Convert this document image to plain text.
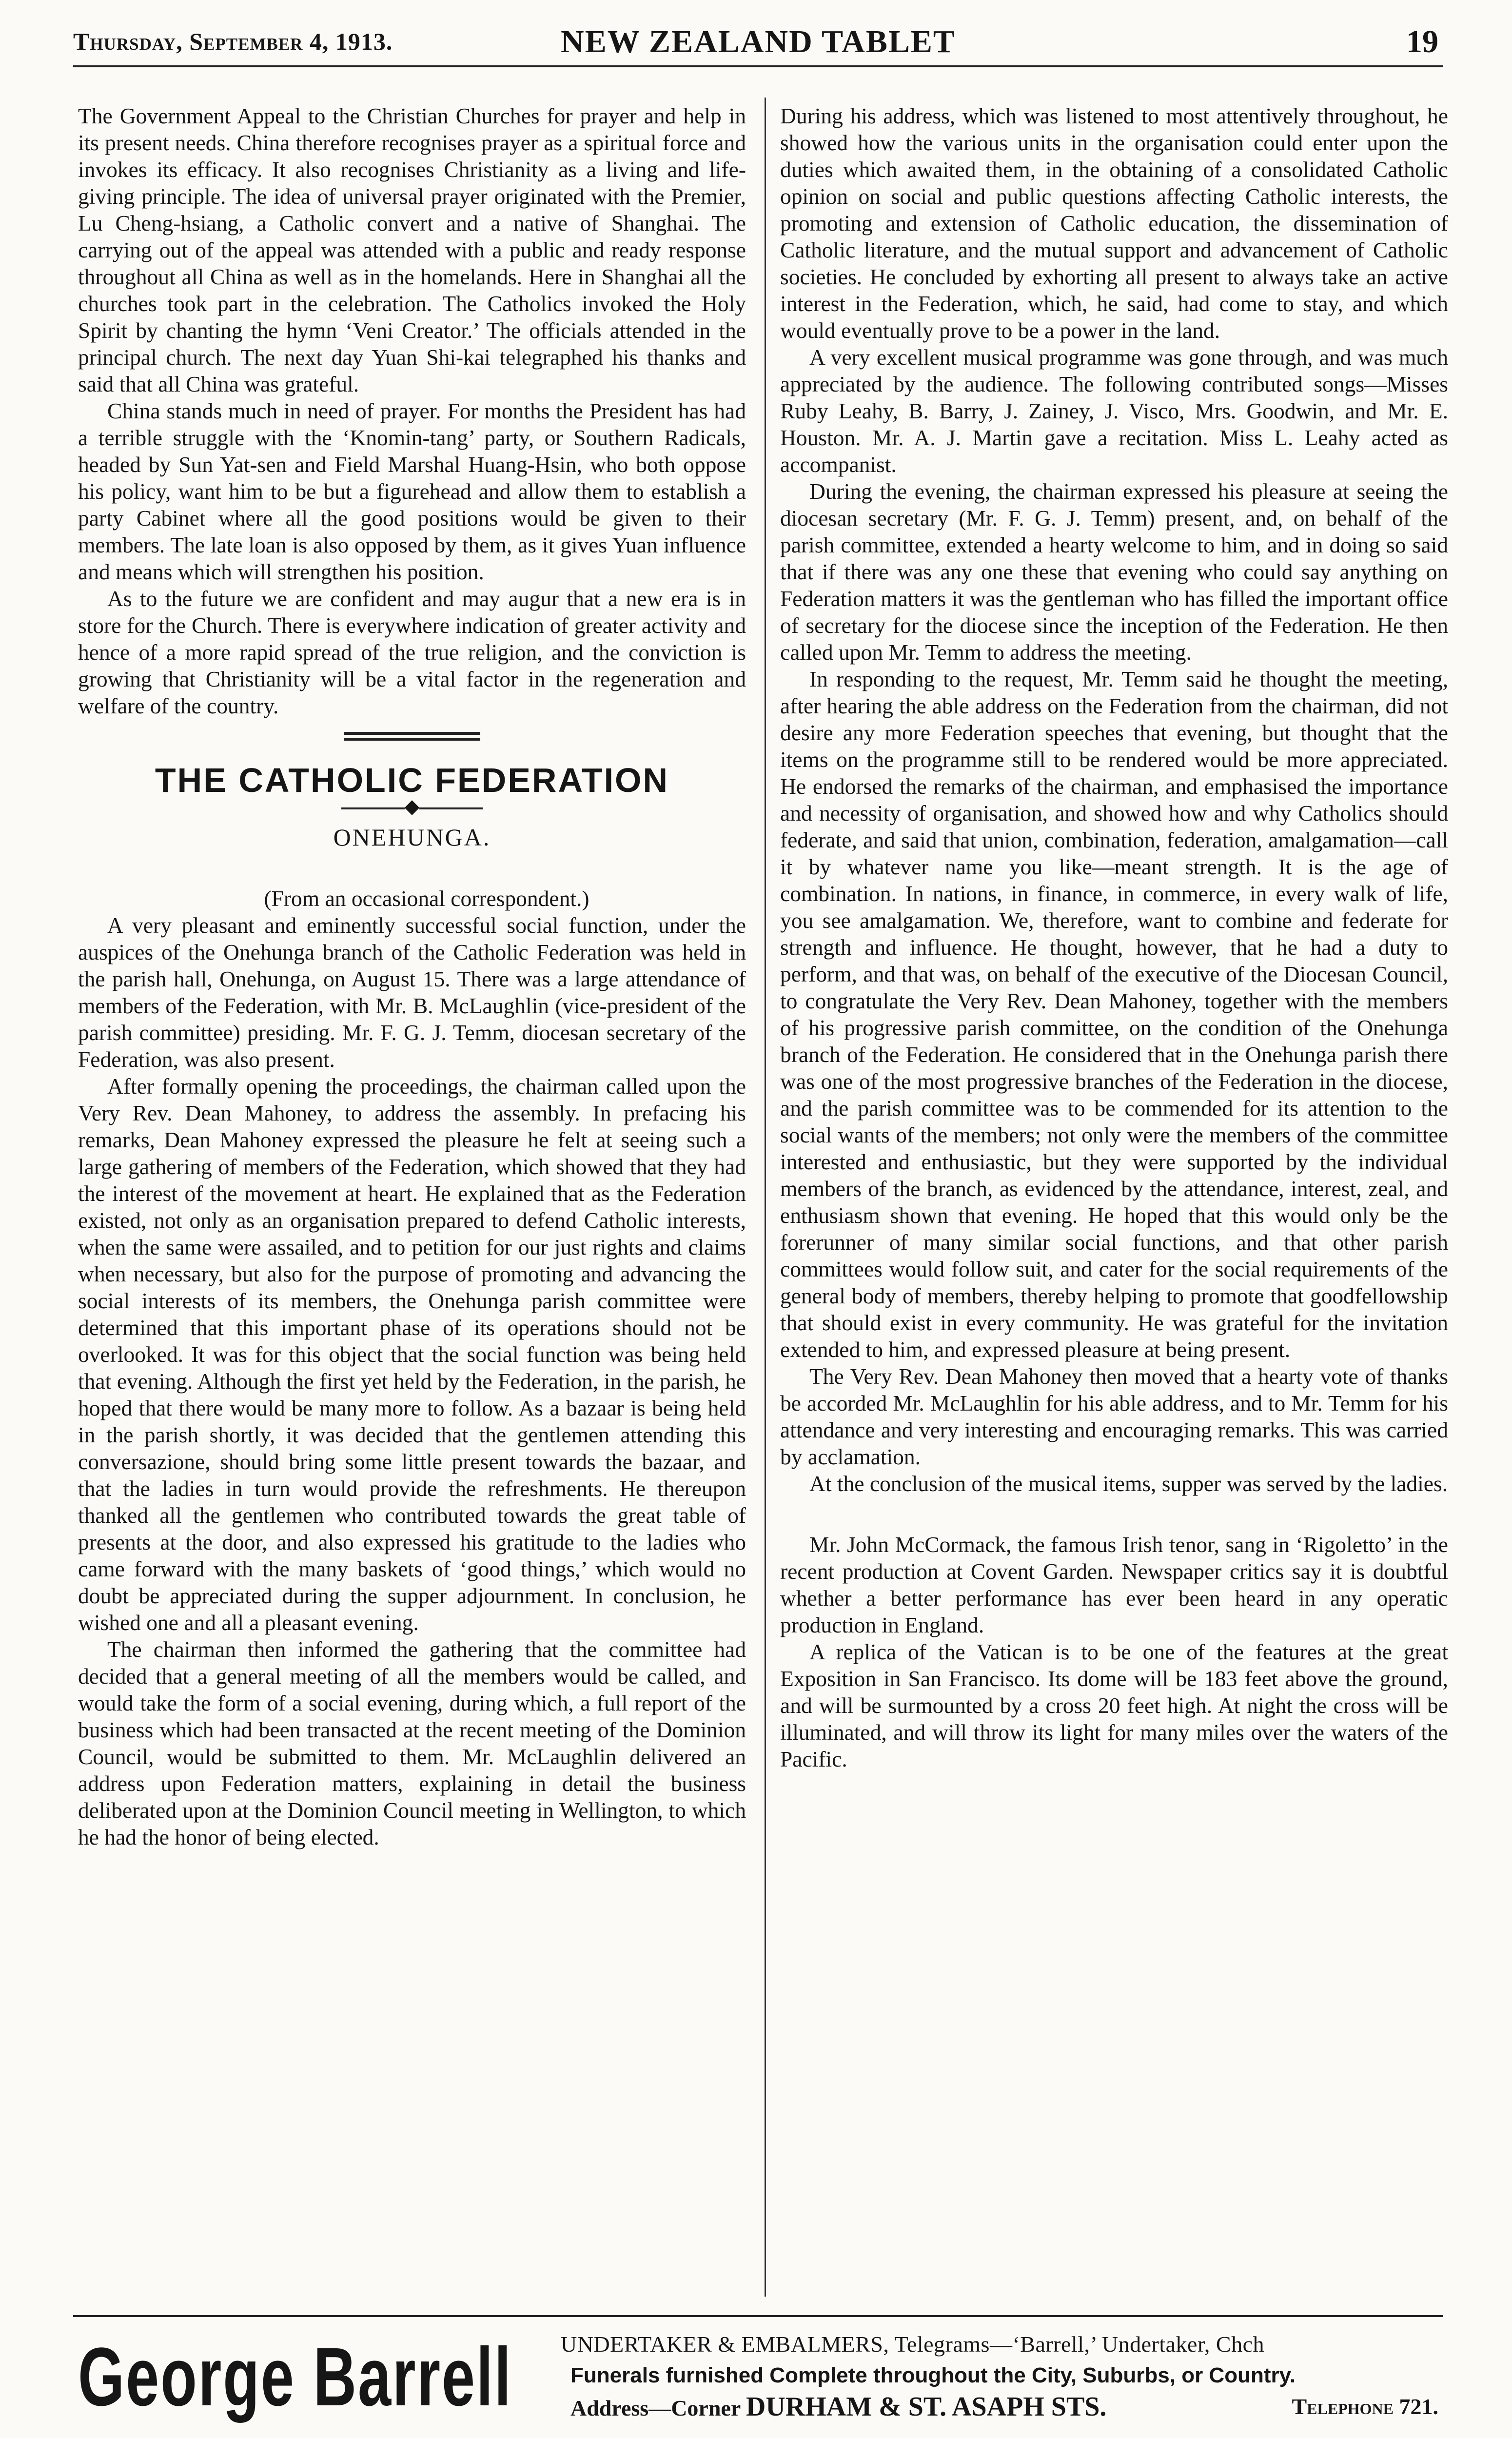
Thursday, September 4, 1913.	NEW ZEALAND TABLET	19

The Government Appeal to the Christian Churches for prayer and help in its present needs. China therefore recognises prayer as a spiritual force and invokes its efficacy. It also recognises Christianity as a living and life-giving principle. The idea of universal prayer originated with the Premier, Lu Cheng-hsiang, a Catholic convert and a native of Shanghai. The carrying out of the appeal was attended with a public and ready response throughout all China as well as in the homelands. Here in Shanghai all the churches took part in the celebration. The Catholics invoked the Holy Spirit by chanting the hymn ‘Veni Creator.’ The officials attended in the principal church. The next day Yuan Shi-kai telegraphed his thanks and said that all China was grateful.

China stands much in need of prayer. For months the President has had a terrible struggle with the ‘Knomin-tang’ party, or Southern Radicals, headed by Sun Yat-sen and Field Marshal Huang-Hsin, who both oppose his policy, want him to be but a figurehead and allow them to establish a party Cabinet where all the good positions would be given to their members. The late loan is also opposed by them, as it gives Yuan influence and means which will strengthen his position.

As to the future we are confident and may augur that a new era is in store for the Church. There is everywhere indication of greater activity and hence of a more rapid spread of the true religion, and the conviction is growing that Christianity will be a vital factor in the regeneration and welfare of the country.

THE CATHOLIC FEDERATION
◆
ONEHUNGA.

(From an occasional correspondent.)

A very pleasant and eminently successful social function, under the auspices of the Onehunga branch of the Catholic Federation was held in the parish hall, Onehunga, on August 15. There was a large attendance of members of the Federation, with Mr. B. McLaughlin (vice-president of the parish committee) presiding. Mr. F. G. J. Temm, diocesan secretary of the Federation, was also present.

After formally opening the proceedings, the chairman called upon the Very Rev. Dean Mahoney, to address the assembly. In prefacing his remarks, Dean Mahoney expressed the pleasure he felt at seeing such a large gathering of members of the Federation, which showed that they had the interest of the movement at heart. He explained that as the Federation existed, not only as an organisation prepared to defend Catholic interests, when the same were assailed, and to petition for our just rights and claims when necessary, but also for the purpose of promoting and advancing the social interests of its members, the Onehunga parish committee were determined that this important phase of its operations should not be overlooked. It was for this object that the social function was being held that evening. Although the first yet held by the Federation, in the parish, he hoped that there would be many more to follow. As a bazaar is being held in the parish shortly, it was decided that the gentlemen attending this conversazione, should bring some little present towards the bazaar, and that the ladies in turn would provide the refreshments. He thereupon thanked all the gentlemen who contributed towards the great table of presents at the door, and also expressed his gratitude to the ladies who came forward with the many baskets of ‘good things,’ which would no doubt be appreciated during the supper adjournment. In conclusion, he wished one and all a pleasant evening.

The chairman then informed the gathering that the committee had decided that a general meeting of all the members would be called, and would take the form of a social evening, during which, a full report of the business which had been transacted at the recent meeting of the Dominion Council, would be submitted to them. Mr. McLaughlin delivered an address upon Federation matters, explaining in detail the business deliberated upon at the Dominion Council meeting in Wellington, to which he had the honor of being elected.

During his address, which was listened to most attentively throughout, he showed how the various units in the organisation could enter upon the duties which awaited them, in the obtaining of a consolidated Catholic opinion on social and public questions affecting Catholic interests, the promoting and extension of Catholic education, the dissemination of Catholic literature, and the mutual support and advancement of Catholic societies. He concluded by exhorting all present to always take an active interest in the Federation, which, he said, had come to stay, and which would eventually prove to be a power in the land.

A very excellent musical programme was gone through, and was much appreciated by the audience. The following contributed songs—Misses Ruby Leahy, B. Barry, J. Zainey, J. Visco, Mrs. Goodwin, and Mr. E. Houston. Mr. A. J. Martin gave a recitation. Miss L. Leahy acted as accompanist.

During the evening, the chairman expressed his pleasure at seeing the diocesan secretary (Mr. F. G. J. Temm) present, and, on behalf of the parish committee, extended a hearty welcome to him, and in doing so said that if there was any one these that evening who could say anything on Federation matters it was the gentleman who has filled the important office of secretary for the diocese since the inception of the Federation. He then called upon Mr. Temm to address the meeting.

In responding to the request, Mr. Temm said he thought the meeting, after hearing the able address on the Federation from the chairman, did not desire any more Federation speeches that evening, but thought that the items on the programme still to be rendered would be more appreciated. He endorsed the remarks of the chairman, and emphasised the importance and necessity of organisation, and showed how and why Catholics should federate, and said that union, combination, federation, amalgamation—call it by whatever name you like—meant strength. It is the age of combination. In nations, in finance, in commerce, in every walk of life, you see amalgamation. We, therefore, want to combine and federate for strength and influence. He thought, however, that he had a duty to perform, and that was, on behalf of the executive of the Diocesan Council, to congratulate the Very Rev. Dean Mahoney, together with the members of his progressive parish committee, on the condition of the Onehunga branch of the Federation. He considered that in the Onehunga parish there was one of the most progressive branches of the Federation in the diocese, and the parish committee was to be commended for its attention to the social wants of the members; not only were the members of the committee interested and enthusiastic, but they were supported by the individual members of the branch, as evidenced by the attendance, interest, zeal, and enthusiasm shown that evening. He hoped that this would only be the forerunner of many similar social functions, and that other parish committees would follow suit, and cater for the social requirements of the general body of members, thereby helping to promote that goodfellowship that should exist in every community. He was grateful for the invitation extended to him, and expressed pleasure at being present.

The Very Rev. Dean Mahoney then moved that a hearty vote of thanks be accorded Mr. McLaughlin for his able address, and to Mr. Temm for his attendance and very interesting and encouraging remarks. This was carried by acclamation.

At the conclusion of the musical items, supper was served by the ladies.

Mr. John McCormack, the famous Irish tenor, sang in ‘Rigoletto’ in the recent production at Covent Garden. Newspaper critics say it is doubtful whether a better performance has ever been heard in any operatic production in England.

A replica of the Vatican is to be one of the features at the great Exposition in San Francisco. Its dome will be 183 feet above the ground, and will be surmounted by a cross 20 feet high. At night the cross will be illuminated, and will throw its light for many miles over the waters of the Pacific.

George Barrell UNDERTAKER & EMBALMERS, Telegrams—‘Barrell,’ Undertaker, Chch
Funerals furnished Complete throughout the City, Suburbs, or Country.
Address—Corner DURHAM & ST. ASAPH STS.	Telephone 721.
